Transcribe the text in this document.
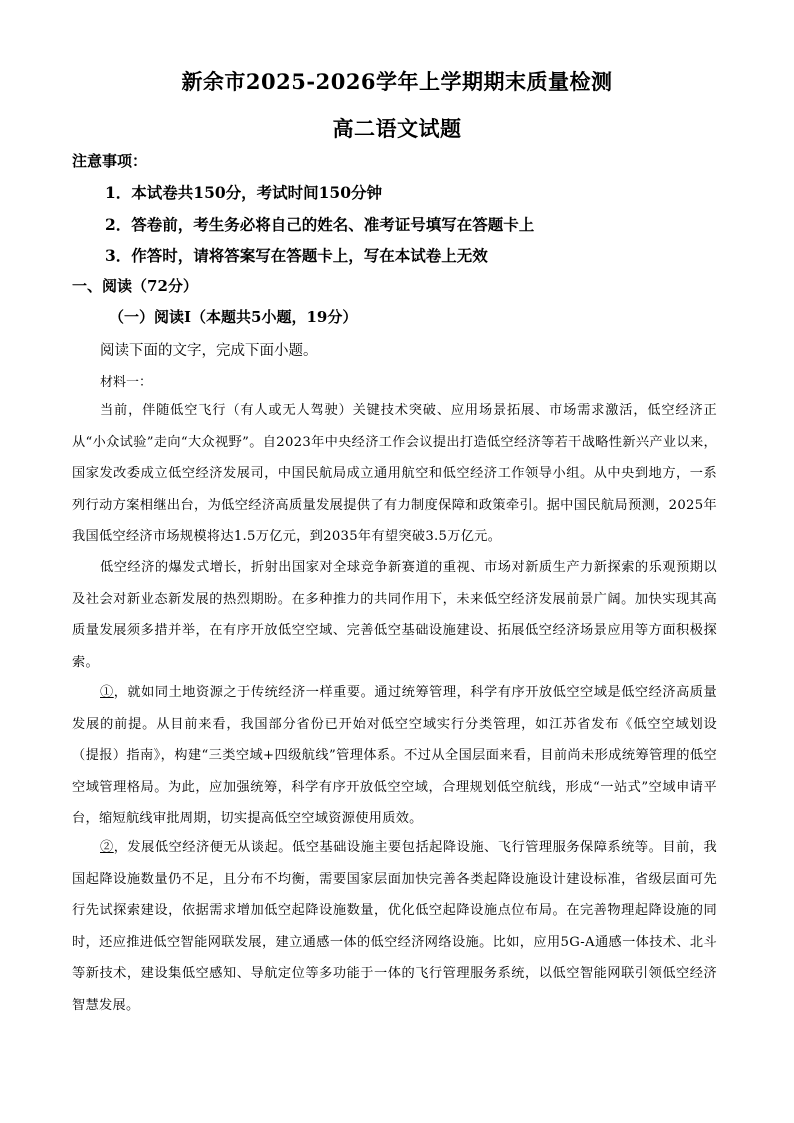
新余市2025-2026学年上学期期末质量检测
高二语文试题
注意事项：
1．本试卷共150分，考试时间150分钟
2．答卷前，考生务必将自己的姓名、准考证号填写在答题卡上
3．作答时，请将答案写在答题卡上，写在本试卷上无效
一、阅读（72分）
（一）阅读Ⅰ（本题共5小题，19分）
阅读下面的文字，完成下面小题。
材料一：
当前，伴随低空飞行（有人或无人驾驶）关键技术突破、应用场景拓展、市场需求激活，低空经济正从“小众试验”走向“大众视野”。自2023年中央经济工作会议提出打造低空经济等若干战略性新兴产业以来，国家发改委成立低空经济发展司，中国民航局成立通用航空和低空经济工作领导小组。从中央到地方，一系列行动方案相继出台，为低空经济高质量发展提供了有力制度保障和政策牵引。据中国民航局预测，2025年我国低空经济市场规模将达1.5万亿元，到2035年有望突破3.5万亿元。
低空经济的爆发式增长，折射出国家对全球竞争新赛道的重视、市场对新质生产力新探索的乐观预期以及社会对新业态新发展的热烈期盼。在多种推力的共同作用下，未来低空经济发展前景广阔。加快实现其高质量发展须多措并举，在有序开放低空空域、完善低空基础设施建设、拓展低空经济场景应用等方面积极探索。
①，就如同土地资源之于传统经济一样重要。通过统筹管理，科学有序开放低空空域是低空经济高质量发展的前提。从目前来看，我国部分省份已开始对低空空域实行分类管理，如江苏省发布《低空空域划设（提报）指南》，构建“三类空域+四级航线”管理体系。不过从全国层面来看，目前尚未形成统筹管理的低空空域管理格局。为此，应加强统筹，科学有序开放低空空域，合理规划低空航线，形成“一站式”空域申请平台，缩短航线审批周期，切实提高低空空域资源使用质效。
②，发展低空经济便无从谈起。低空基础设施主要包括起降设施、飞行管理服务保障系统等。目前，我国起降设施数量仍不足，且分布不均衡，需要国家层面加快完善各类起降设施设计建设标准，省级层面可先行先试探索建设，依据需求增加低空起降设施数量，优化低空起降设施点位布局。在完善物理起降设施的同时，还应推进低空智能网联发展，建立通感一体的低空经济网络设施。比如，应用5G-A通感一体技术、北斗等新技术，建设集低空感知、导航定位等多功能于一体的飞行管理服务系统，以低空智能网联引领低空经济智慧发展。
